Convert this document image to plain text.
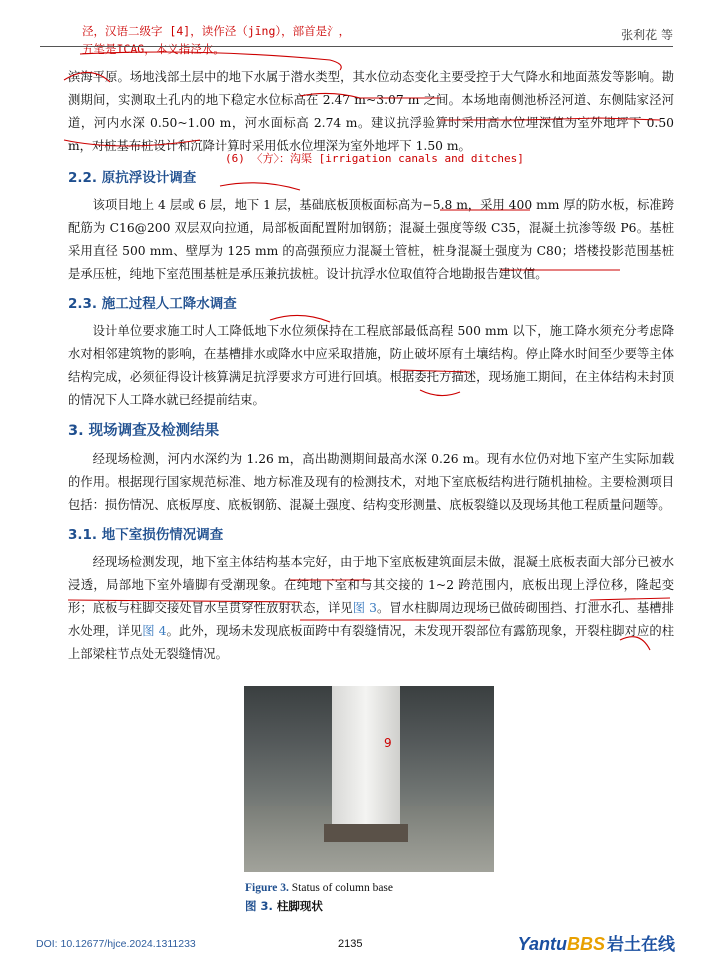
泾，汉语二级字 [4]，读作泾（jīng），部首是氵，
五笔是ICAG，本义指泾水。
张利花 等

滨海平原。场地浅部土层中的地下水属于潜水类型，其水位动态变化主要受控于大气降水和地面蒸发等影响。勘测期间，实测取土孔内的地下稳定水位标高在 2.47 m~3.07 m 之间。本场地南侧池桥泾河道、东侧陆家泾河道，河内水深 0.50~1.00 m，河水面标高 2.74 m。建议抗浮验算时采用高水位埋深值为室外地坪下 0.50 m，对桩基布桩设计和沉降计算时采用低水位埋深为室外地坪下 1.50 m。

2.2. 原抗浮设计调查

该项目地上 4 层或 6 层，地下 1 层，基础底板顶板面标高为−5.8 m，采用 400 mm 厚的防水板，标准跨配筋为 C16@200 双层双向拉通，局部板面配置附加钢筋；混凝土强度等级 C35，混凝土抗渗等级 P6。基桩采用直径 500 mm、壁厚为 125 mm 的高强预应力混凝土管桩，桩身混凝土强度为 C80；塔楼投影范围基桩是承压桩，纯地下室范围基桩是承压兼抗拔桩。设计抗浮水位取值符合地勘报告建议值。

2.3. 施工过程人工降水调查

设计单位要求施工时人工降低地下水位须保持在工程底部最低高程 500 mm 以下，施工降水须充分考虑降水对相邻建筑物的影响，在基槽排水或降水中应采取措施，防止破坏原有土壤结构。停止降水时间至少要等主体结构完成，必须征得设计核算满足抗浮要求方可进行回填。根据委托方描述，现场施工期间，在主体结构未封顶的情况下人工降水就已经提前结束。

3. 现场调查及检测结果

经现场检测，河内水深约为 1.26 m，高出勘测期间最高水深 0.26 m。现有水位仍对地下室产生实际加载的作用。根据现行国家规范标准、地方标准及现有的检测技术，对地下室底板结构进行随机抽检。主要检测项目包括：损伤情况、底板厚度、底板钢筋、混凝土强度、结构变形测量、底板裂缝以及现场其他工程质量问题等。

3.1. 地下室损伤情况调查

经现场检测发现，地下室主体结构基本完好，由于地下室底板建筑面层未做，混凝土底板表面大部分已被水浸透，局部地下室外墙脚有受潮现象。在纯地下室和与其交接的 1~2 跨范围内，底板出现上浮位移，隆起变形；底板与柱脚交接处冒水呈贯穿性放射状态，详见图 3。冒水柱脚周边现场已做砖砌围挡、打泄水孔、基槽排水处理，详见图 4。此外，现场未发现底板面跨中有裂缝情况，未发现开裂部位有露筋现象，开裂柱脚对应的柱上部梁柱节点处无裂缝情况。

(6) 〈方〉：沟渠 [irrigation canals and ditches]
9
Figure 3. Status of column base
图 3. 柱脚现状
DOI: 10.12677/hjce.2024.1311233	2135	YantuBBS 岩土在线
